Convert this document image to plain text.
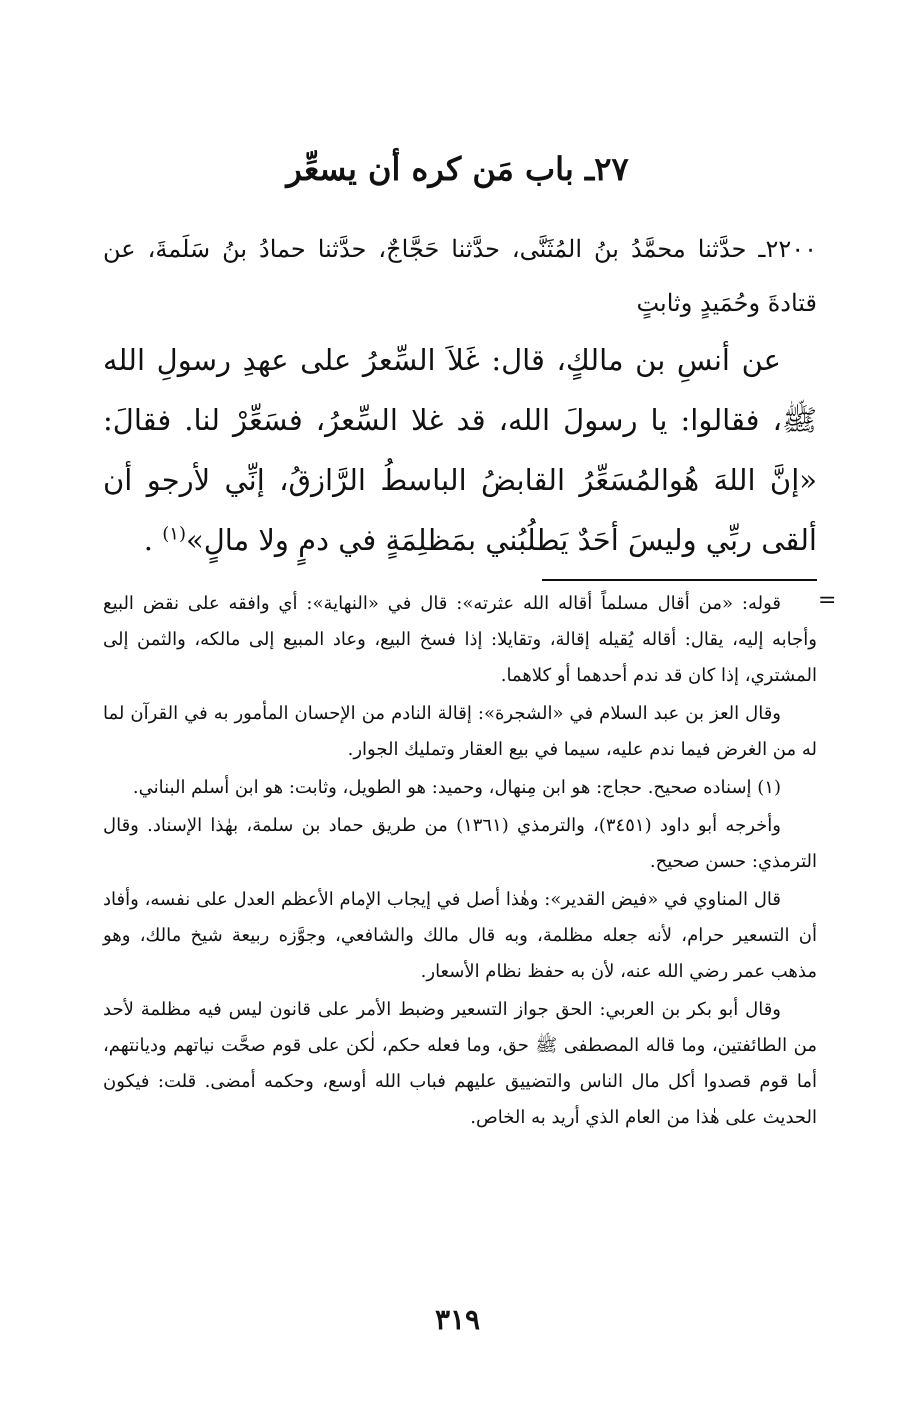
٢٧ـ باب مَن كره أن يسعِّر

٢٢٠٠ـ حدَّثنا محمَّدُ بنُ المُثَنَّى، حدَّثنا حَجَّاجٌ، حدَّثنا حمادُ بنُ سَلَمةَ، عن قتادةَ وحُمَيدٍ وثابتٍ

عن أنسِ بن مالكٍ، قال: غَلاَ السِّعرُ على عهدِ رسولِ الله ﷺ، فقالوا: يا رسولَ الله، قد غلا السِّعرُ، فسَعِّرْ لنا. فقالَ: «إنَّ اللهَ هُوالمُسَعِّرُ القابضُ الباسطُ الرَّازقُ، إنِّي لأرجو أن ألقى ربِّي وليسَ أحَدٌ يَطلُبُني بمَظلِمَةٍ في دمٍ ولا مالٍ»$^{(١)}$ .

=

قوله: «من أقال مسلماً أقاله الله عثرته»: قال في «النهاية»: أي وافقه على نقض البيع وأجابه إليه، يقال: أقاله يُقيله إقالة، وتقايلا: إذا فسخ البيع، وعاد المبيع إلى مالكه، والثمن إلى المشتري، إذا كان قد ندم أحدهما أو كلاهما.

وقال العز بن عبد السلام في «الشجرة»: إقالة النادم من الإحسان المأمور به في القرآن لما له من الغرض فيما ندم عليه، سيما في بيع العقار وتمليك الجوار.

(١) إسناده صحيح. حجاج: هو ابن مِنهال، وحميد: هو الطويل، وثابت: هو ابن أسلم البناني.

وأخرجه أبو داود (٣٤٥١)، والترمذي (١٣٦١) من طريق حماد بن سلمة، بهٰذا الإسناد. وقال الترمذي: حسن صحيح.

قال المناوي في «فيض القدير»: وهٰذا أصل في إيجاب الإمام الأعظم العدل على نفسه، وأفاد أن التسعير حرام، لأنه جعله مظلمة، وبه قال مالك والشافعي، وجوَّزه ربيعة شيخ مالك، وهو مذهب عمر رضي الله عنه، لأن به حفظ نظام الأسعار.

وقال أبو بكر بن العربي: الحق جواز التسعير وضبط الأمر على قانون ليس فيه مظلمة لأحد من الطائفتين، وما قاله المصطفى ﷺ حق، وما فعله حكم، لٰكن على قوم صحَّت نياتهم وديانتهم، أما قوم قصدوا أكل مال الناس والتضييق عليهم فباب الله أوسع، وحكمه أمضى. قلت: فيكون الحديث على هٰذا من العام الذي أريد به الخاص.

٣١٩
